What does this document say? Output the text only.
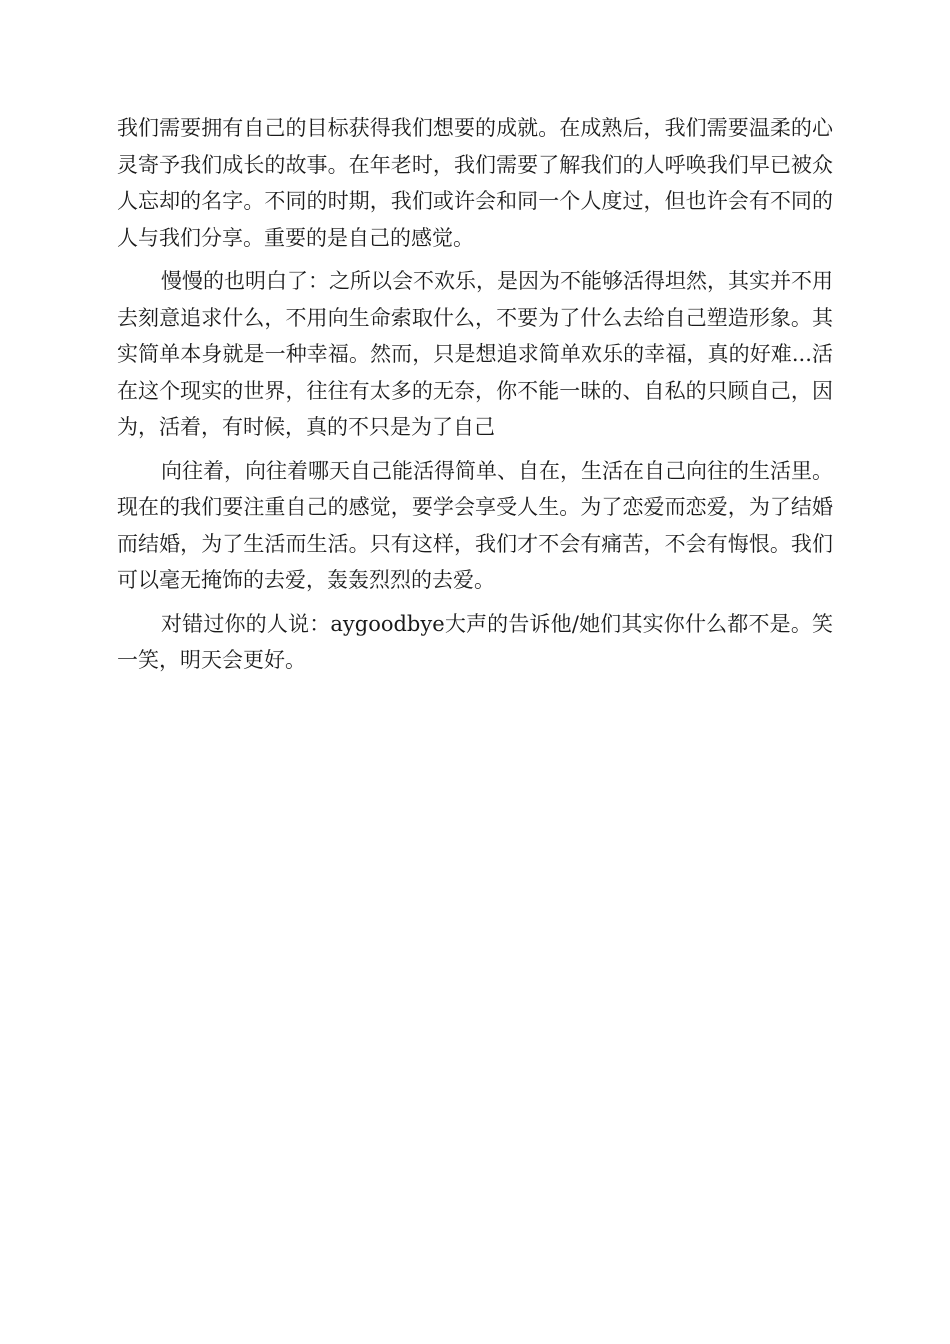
我们需要拥有自己的目标获得我们想要的成就。在成熟后，我们需要温柔的心灵寄予我们成长的故事。在年老时，我们需要了解我们的人呼唤我们早已被众人忘却的名字。不同的时期，我们或许会和同一个人度过，但也许会有不同的人与我们分享。重要的是自己的感觉。

慢慢的也明白了：之所以会不欢乐，是因为不能够活得坦然，其实并不用去刻意追求什么，不用向生命索取什么，不要为了什么去给自己塑造形象。其实简单本身就是一种幸福。然而，只是想追求简单欢乐的幸福，真的好难...活在这个现实的世界，往往有太多的无奈，你不能一昧的、自私的只顾自己，因为，活着，有时候，真的不只是为了自己

向往着，向往着哪天自己能活得简单、自在，生活在自己向往的生活里。现在的我们要注重自己的感觉，要学会享受人生。为了恋爱而恋爱，为了结婚而结婚，为了生活而生活。只有这样，我们才不会有痛苦，不会有悔恨。我们可以毫无掩饰的去爱，轰轰烈烈的去爱。

对错过你的人说：aygoodbye大声的告诉他/她们其实你什么都不是。笑一笑，明天会更好。
